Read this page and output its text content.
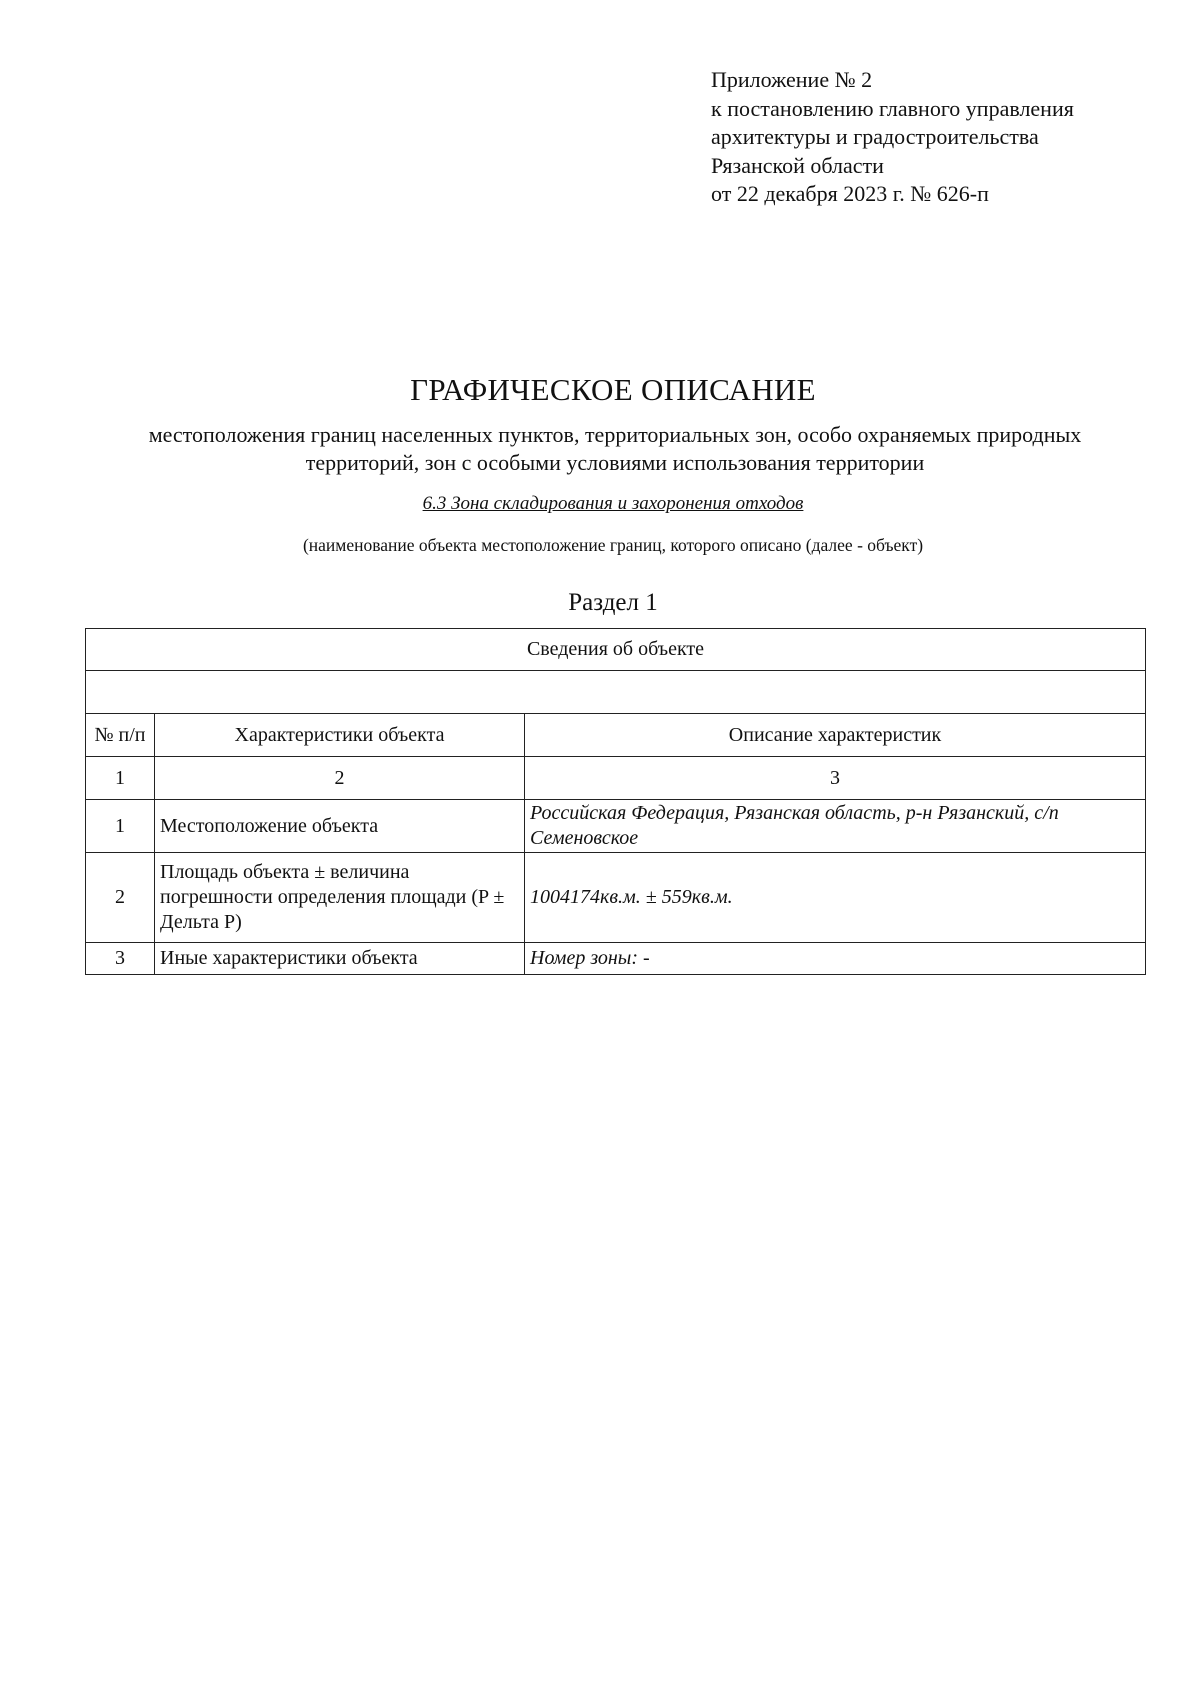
Приложение № 2
к постановлению главного управления
архитектуры и градостроительства
Рязанской области
от 22 декабря 2023 г. № 626-п
ГРАФИЧЕСКОЕ ОПИСАНИЕ
местоположения границ населенных пунктов, территориальных зон, особо охраняемых природных территорий, зон с особыми условиями использования территории
6.3 Зона складирования и захоронения отходов
(наименование объекта местоположение границ, которого описано (далее - объект)
Раздел 1
Сведения об объекте		

№ п/п	Характеристики объекта	Описание характеристик
1	2	3
1	Местоположение объекта	Российская Федерация, Рязанская область, р-н Рязанский, с/п Семеновское
2	Площадь объекта ± величина погрешности определения площади (P ± Дельта P)	1004174кв.м. ± 559кв.м.
3	Иные характеристики объекта	Номер зоны: -
